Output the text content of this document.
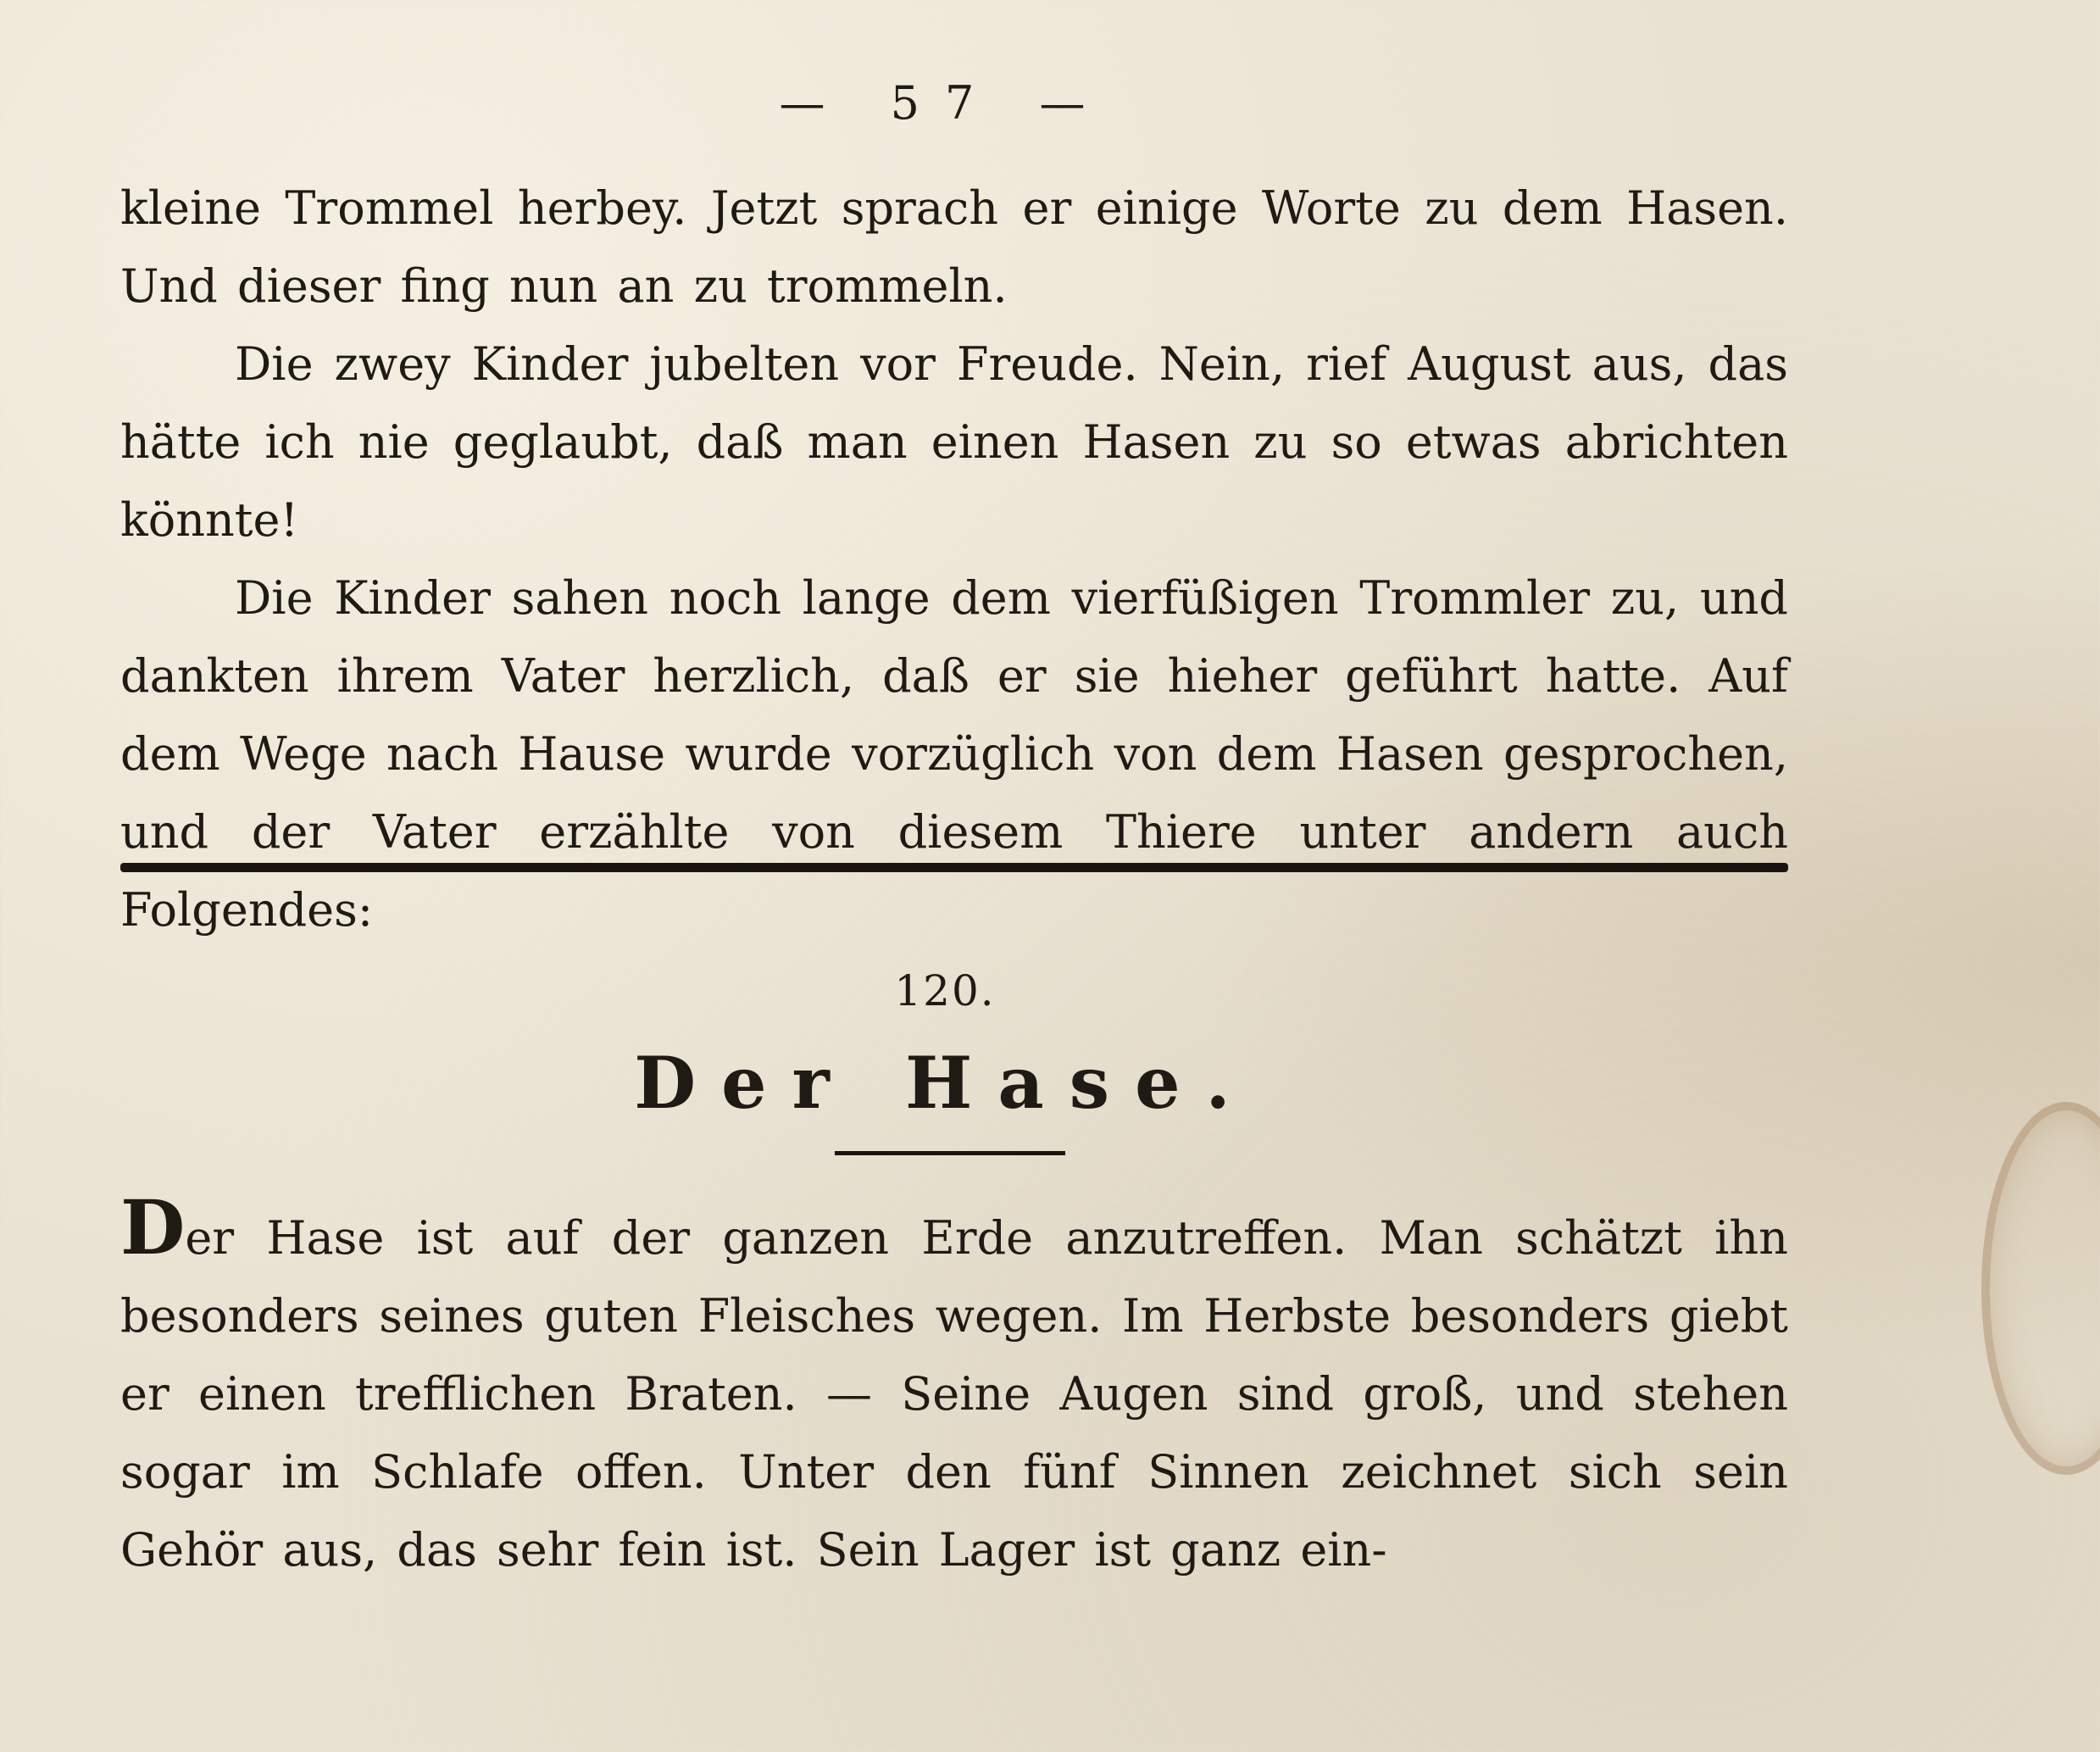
— 57 —

kleine Trommel herbey. Jetzt sprach er einige Worte zu dem Hasen. Und dieser fing nun an zu trommeln.

Die zwey Kinder jubelten vor Freude. Nein, rief August aus, das hätte ich nie geglaubt, daß man einen Hasen zu so etwas abrichten könnte!

Die Kinder sahen noch lange dem vierfüßigen Trommler zu, und dankten ihrem Vater herzlich, daß er sie hieher geführt hatte. Auf dem Wege nach Hause wurde vorzüglich von dem Hasen gesprochen, und der Vater erzählte von diesem Thiere unter andern auch Folgendes:

120.
Der Hase.

Der Hase ist auf der ganzen Erde anzutreffen. Man schätzt ihn besonders seines guten Fleisches wegen. Im Herbste besonders giebt er einen trefflichen Braten. — Seine Augen sind groß, und stehen sogar im Schlafe offen. Unter den fünf Sinnen zeichnet sich sein Gehör aus, das sehr fein ist. Sein Lager ist ganz ein-
